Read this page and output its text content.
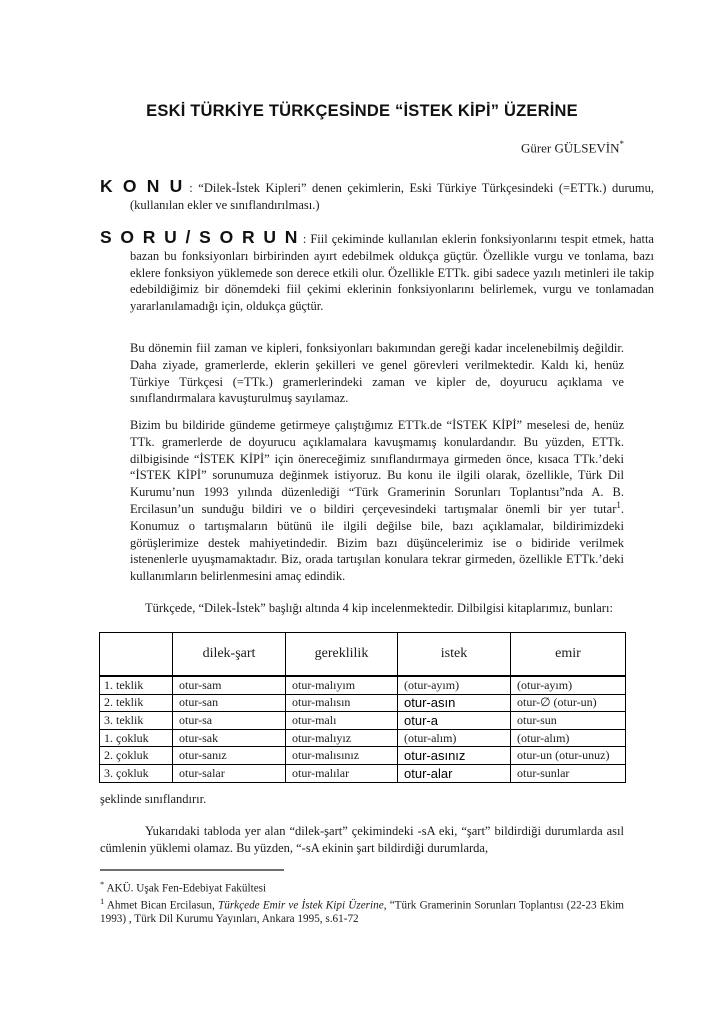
ESKİ TÜRKİYE TÜRKÇESİNDE “İSTEK KİPİ” ÜZERİNE
Gürer GÜLSEVİN*
K O N U : “Dilek-İstek Kipleri” denen çekimlerin, Eski Türkiye Türkçesindeki (=ETTk.) durumu, (kullanılan ekler ve sınıflandırılması.)
S O R U / S O R U N : Fiil çekiminde kullanılan eklerin fonksiyonlarını tespit etmek, hatta bazan bu fonksiyonları birbirinden ayırt edebilmek oldukça güçtür. Özellikle vurgu ve tonlama, bazı eklere fonksiyon yüklemede son derece etkili olur. Özellikle ETTk. gibi sadece yazılı metinleri ile takip edebildiğimiz bir dönemdeki fiil çekimi eklerinin fonksiyonlarını belirlemek, vurgu ve tonlamadan yararlanılamadığı için, oldukça güçtür.
Bu dönemin fiil zaman ve kipleri, fonksiyonları bakımından gereği kadar incelenebilmiş değildir. Daha ziyade, gramerlerde, eklerin şekilleri ve genel görevleri verilmektedir. Kaldı ki, henüz Türkiye Türkçesi (=TTk.) gramerlerindeki zaman ve kipler de, doyurucu açıklama ve sınıflandırmalara kavuşturulmuş sayılamaz.
Bizim bu bildiride gündeme getirmeye çalıştığımız ETTk.de “İSTEK KİPİ” meselesi de, henüz TTk. gramerlerde de doyurucu açıklamalara kavuşmamış konulardandır. Bu yüzden, ETTk. dilbigisinde “İSTEK KİPİ” için önereceğimiz sınıflandırmaya girmeden önce, kısaca TTk.’deki “İSTEK KİPİ” sorunumuza değinmek istiyoruz. Bu konu ile ilgili olarak, özellikle, Türk Dil Kurumu’nun 1993 yılında düzenlediği “Türk Gramerinin Sorunları Toplantısı”nda A. B. Ercilasun’un sunduğu bildiri ve o bildiri çerçevesindeki tartışmalar önemli bir yer tutar$^1$. Konumuz o tartışmaların bütünü ile ilgili değilse bile, bazı açıklamalar, bildirimizdeki görüşlerimize destek mahiyetindedir. Bizim bazı düşüncelerimiz ise o bidiride verilmek istenenlerle uyuşmamaktadır. Biz, orada tartışılan konulara tekrar girmeden, özellikle ETTk.’deki kullanımların belirlenmesini amaç edindik.
Türkçede, “Dilek-İstek” başlığı altında 4 kip incelenmektedir. Dilbilgisi kitaplarımız, bunları:
	dilek-şart	gereklilik	istek	emir
1. teklik	otur-sam	otur-malıyım	(otur-ayım)	(otur-ayım)
2. teklik	otur-san	otur-malısın	otur-asın	otur-∅ (otur-un)
3. teklik	otur-sa	otur-malı	otur-a	otur-sun
1. çokluk	otur-sak	otur-malıyız	(otur-alım)	(otur-alım)
2. çokluk	otur-sanız	otur-malısınız	otur-asınız	otur-un (otur-unuz)
3. çokluk	otur-salar	otur-malılar	otur-alar	otur-sunlar
şeklinde sınıflandırır.
Yukarıdaki tabloda yer alan “dilek-şart” çekimindeki -sA eki, “şart” bildirdiği durumlarda asıl cümlenin yüklemi olamaz. Bu yüzden, “-sA ekinin şart bildirdiği durumlarda,
* AKÜ. Uşak Fen-Edebiyat Fakültesi
$^1$ Ahmet Bican Ercilasun, Türkçede Emir ve İstek Kipi Üzerine, “Türk Gramerinin Sorunları Toplantısı (22-23 Ekim 1993) , Türk Dil Kurumu Yayınları, Ankara 1995, s.61-72
